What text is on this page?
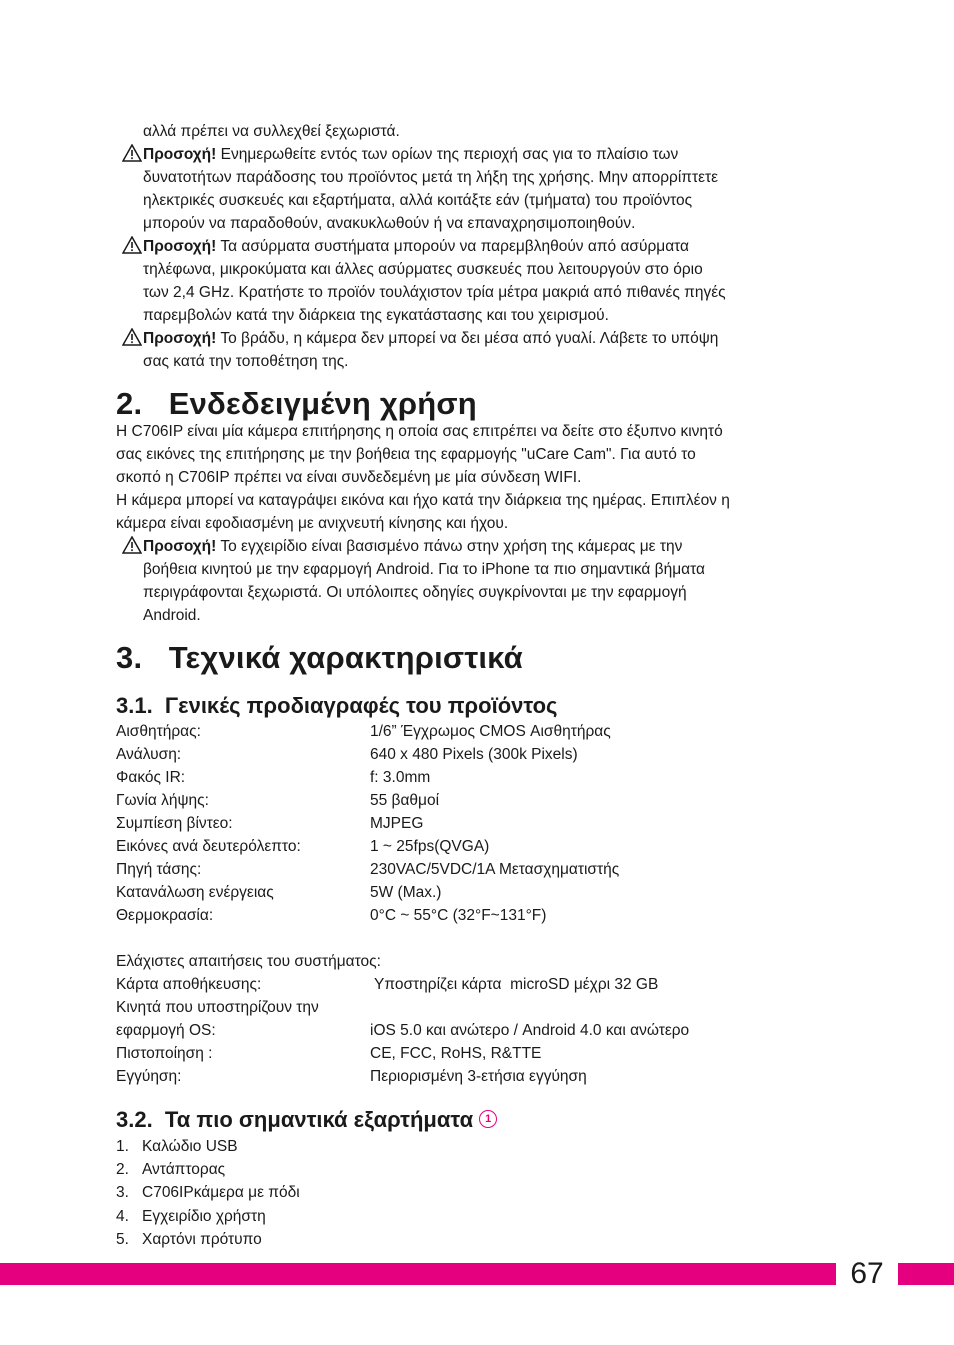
αλλά πρέπει να συλλεχθεί ξεχωριστά.
Προσοχή! Ενημερωθείτε εντός των ορίων της περιοχή σας για το πλαίσιο των
δυνατοτήτων παράδοσης του προϊόντος μετά τη λήξη της χρήσης. Μην απορρίπτετε
ηλεκτρικές συσκευές και εξαρτήματα, αλλά κοιτάξτε εάν (τμήματα) του προϊόντος
μπορούν να παραδοθούν, ανακυκλωθούν ή να επαναχρησιμοποιηθούν.
Προσοχή! Τα ασύρματα συστήματα μπορούν να παρεμβληθούν από ασύρματα
τηλέφωνα, μικροκύματα και άλλες ασύρματες συσκευές που λειτουργούν στο όριο
των 2,4 GHz. Κρατήστε το προϊόν τουλάχιστον τρία μέτρα μακριά από πιθανές πηγές
παρεμβολών κατά την διάρκεια της εγκατάστασης και του χειρισμού.
Προσοχή! Το βράδυ, η κάμερα δεν μπορεί να δει μέσα από γυαλί. Λάβετε το υπόψη
σας κατά την τοποθέτηση της.
2.   Ενδεδειγμένη χρήση
Η C706IP είναι μία κάμερα επιτήρησης η οποία σας επιτρέπει να δείτε στο έξυπνο κινητό
σας εικόνες της επιτήρησης με την βοήθεια της εφαρμογής "uCare Cam". Για αυτό το
σκοπό η C706IP πρέπει να είναι συνδεδεμένη με μία σύνδεση WIFI.
Η κάμερα μπορεί να καταγράψει εικόνα και ήχο κατά την διάρκεια της ημέρας. Επιπλέον η
κάμερα είναι εφοδιασμένη με ανιχνευτή κίνησης και ήχου.
Προσοχή! Το εγχειρίδιο είναι βασισμένο πάνω στην χρήση της κάμερας με την
βοήθεια κινητού με την εφαρμογή Android. Για το iPhone τα πιο σημαντικά βήματα
περιγράφονται ξεχωριστά. Οι υπόλοιπες οδηγίες συγκρίνονται με την εφαρμογή
Android.
3.   Τεχνικά χαρακτηριστικά
3.1.  Γενικές προδιαγραφές του προϊόντος
Αισθητήρας:	1/6” Έγχρωμος CMOS Αισθητήρας
Ανάλυση:	640 x 480 Pixels (300k Pixels)
Φακός IR:	f: 3.0mm
Γωνία λήψης:	55 βαθμοί
Συμπίεση βίντεο:	MJPEG
Εικόνες ανά δευτερόλεπτο:	1 ~ 25fps(QVGA)
Πηγή τάσης:	230VAC/5VDC/1A Μετασχηματιστής
Κατανάλωση ενέργειας	5W (Max.)
Θερμοκρασία:	0°C ~ 55°C (32°F~131°F)
Ελάχιστες απαιτήσεις του συστήματος:
Κάρτα αποθήκευσης:	Υποστηρίζει κάρτα  microSD μέχρι 32 GB
Κινητά που υποστηρίζουν την
εφαρμογή OS:	iOS 5.0 και ανώτερο / Android 4.0 και ανώτερο
Πιστοποίηση :	CE, FCC, RoHS, R&TTE
Εγγύηση:	Περιορισμένη 3-ετήσια εγγύηση
3.2.  Τα πιο σημαντικά εξαρτήματα 1
1. Καλώδιο USB
2. Αντάπτορας
3. C706IPκάμερα με πόδι
4. Εγχειρίδιο χρήστη
5. Χαρτόνι πρότυπο
67
